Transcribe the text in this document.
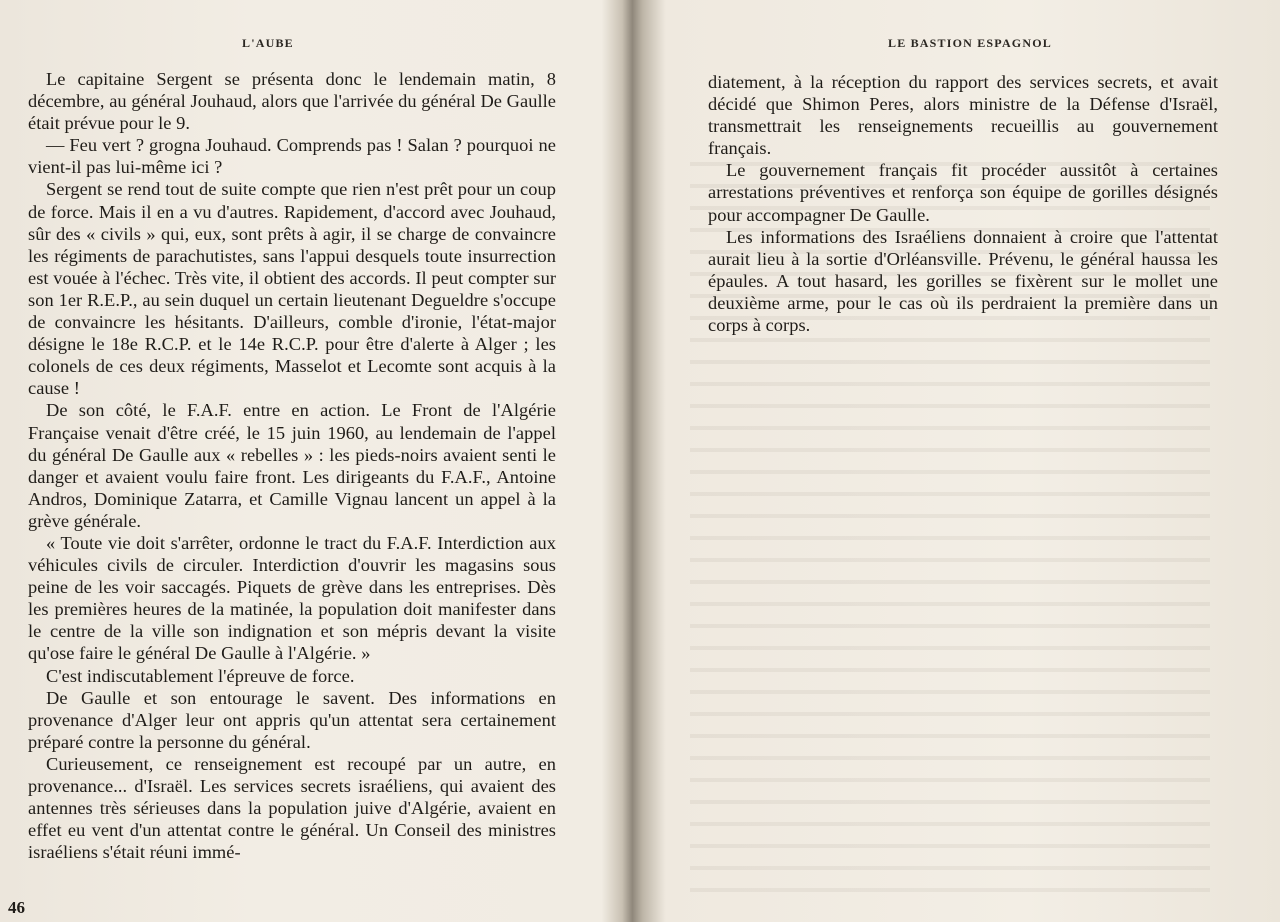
L'AUBE

Le capitaine Sergent se présenta donc le lendemain matin, 8 décembre, au général Jouhaud, alors que l'arrivée du général De Gaulle était prévue pour le 9.

— Feu vert ? grogna Jouhaud. Comprends pas ! Salan ? pourquoi ne vient-il pas lui-même ici ?

Sergent se rend tout de suite compte que rien n'est prêt pour un coup de force. Mais il en a vu d'autres. Rapidement, d'accord avec Jouhaud, sûr des « civils » qui, eux, sont prêts à agir, il se charge de convaincre les régiments de parachutistes, sans l'appui desquels toute insurrection est vouée à l'échec. Très vite, il obtient des accords. Il peut compter sur son 1er R.E.P., au sein duquel un certain lieutenant Degueldre s'occupe de convaincre les hésitants. D'ailleurs, comble d'ironie, l'état-major désigne le 18e R.C.P. et le 14e R.C.P. pour être d'alerte à Alger ; les colonels de ces deux régiments, Masselot et Lecomte sont acquis à la cause !

De son côté, le F.A.F. entre en action. Le Front de l'Algérie Française venait d'être créé, le 15 juin 1960, au lendemain de l'appel du général De Gaulle aux « rebelles » : les pieds-noirs avaient senti le danger et avaient voulu faire front. Les dirigeants du F.A.F., Antoine Andros, Dominique Zatarra, et Camille Vignau lancent un appel à la grève générale.

« Toute vie doit s'arrêter, ordonne le tract du F.A.F. Interdiction aux véhicules civils de circuler. Interdiction d'ouvrir les magasins sous peine de les voir saccagés. Piquets de grève dans les entreprises. Dès les premières heures de la matinée, la population doit manifester dans le centre de la ville son indignation et son mépris devant la visite qu'ose faire le général De Gaulle à l'Algérie. »

C'est indiscutablement l'épreuve de force.

De Gaulle et son entourage le savent. Des informations en provenance d'Alger leur ont appris qu'un attentat sera certainement préparé contre la personne du général.

Curieusement, ce renseignement est recoupé par un autre, en provenance... d'Israël. Les services secrets israéliens, qui avaient des antennes très sérieuses dans la population juive d'Algérie, avaient en effet eu vent d'un attentat contre le général. Un Conseil des ministres israéliens s'était réuni immé-

46
LE BASTION ESPAGNOL

diatement, à la réception du rapport des services secrets, et avait décidé que Shimon Peres, alors ministre de la Défense d'Israël, transmettrait les renseignements recueillis au gouvernement français.

Le gouvernement français fit procéder aussitôt à certaines arrestations préventives et renforça son équipe de gorilles désignés pour accompagner De Gaulle.

Les informations des Israéliens donnaient à croire que l'attentat aurait lieu à la sortie d'Orléansville. Prévenu, le général haussa les épaules. A tout hasard, les gorilles se fixèrent sur le mollet une deuxième arme, pour le cas où ils perdraient la première dans un corps à corps.
